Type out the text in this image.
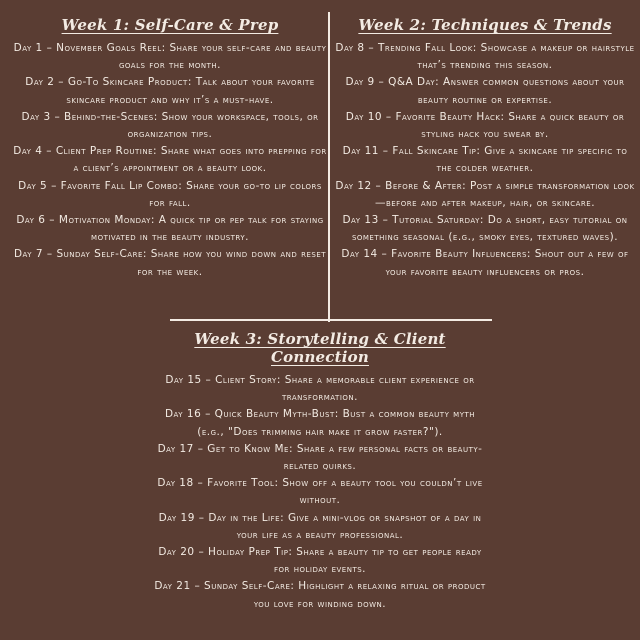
Week 1: Self-Care & Prep

Day 1 – November Goals Reel: Share your self-care and beauty goals for the month.

Day 2 – Go-To Skincare Product: Talk about your favorite skincare product and why it’s a must-have.

Day 3 – Behind-the-Scenes: Show your workspace, tools, or organization tips.

Day 4 – Client Prep Routine: Share what goes into prepping for a client’s appointment or a beauty look.

Day 5 – Favorite Fall Lip Combo: Share your go-to lip colors for fall.

Day 6 – Motivation Monday: A quick tip or pep talk for staying motivated in the beauty industry.

Day 7 – Sunday Self-Care: Share how you wind down and reset for the week.

Week 2: Techniques & Trends

Day 8 – Trending Fall Look: Showcase a makeup or hairstyle that’s trending this season.

Day 9 – Q&A Day: Answer common questions about your beauty routine or expertise.

Day 10 – Favorite Beauty Hack: Share a quick beauty or styling hack you swear by.

Day 11 – Fall Skincare Tip: Give a skincare tip specific to the colder weather.

Day 12 – Before & After: Post a simple transformation look—before and after makeup, hair, or skincare.

Day 13 – Tutorial Saturday: Do a short, easy tutorial on something seasonal (e.g., smoky eyes, textured waves).

Day 14 – Favorite Beauty Influencers: Shout out a few of your favorite beauty influencers or pros.

Week 3: Storytelling & Client Connection

Day 15 – Client Story: Share a memorable client experience or transformation.

Day 16 – Quick Beauty Myth-Bust: Bust a common beauty myth (e.g., "Does trimming hair make it grow faster?").

Day 17 – Get to Know Me: Share a few personal facts or beauty-related quirks.

Day 18 – Favorite Tool: Show off a beauty tool you couldn’t live without.

Day 19 – Day in the Life: Give a mini-vlog or snapshot of a day in your life as a beauty professional.

Day 20 – Holiday Prep Tip: Share a beauty tip to get people ready for holiday events.

Day 21 – Sunday Self-Care: Highlight a relaxing ritual or product you love for winding down.
